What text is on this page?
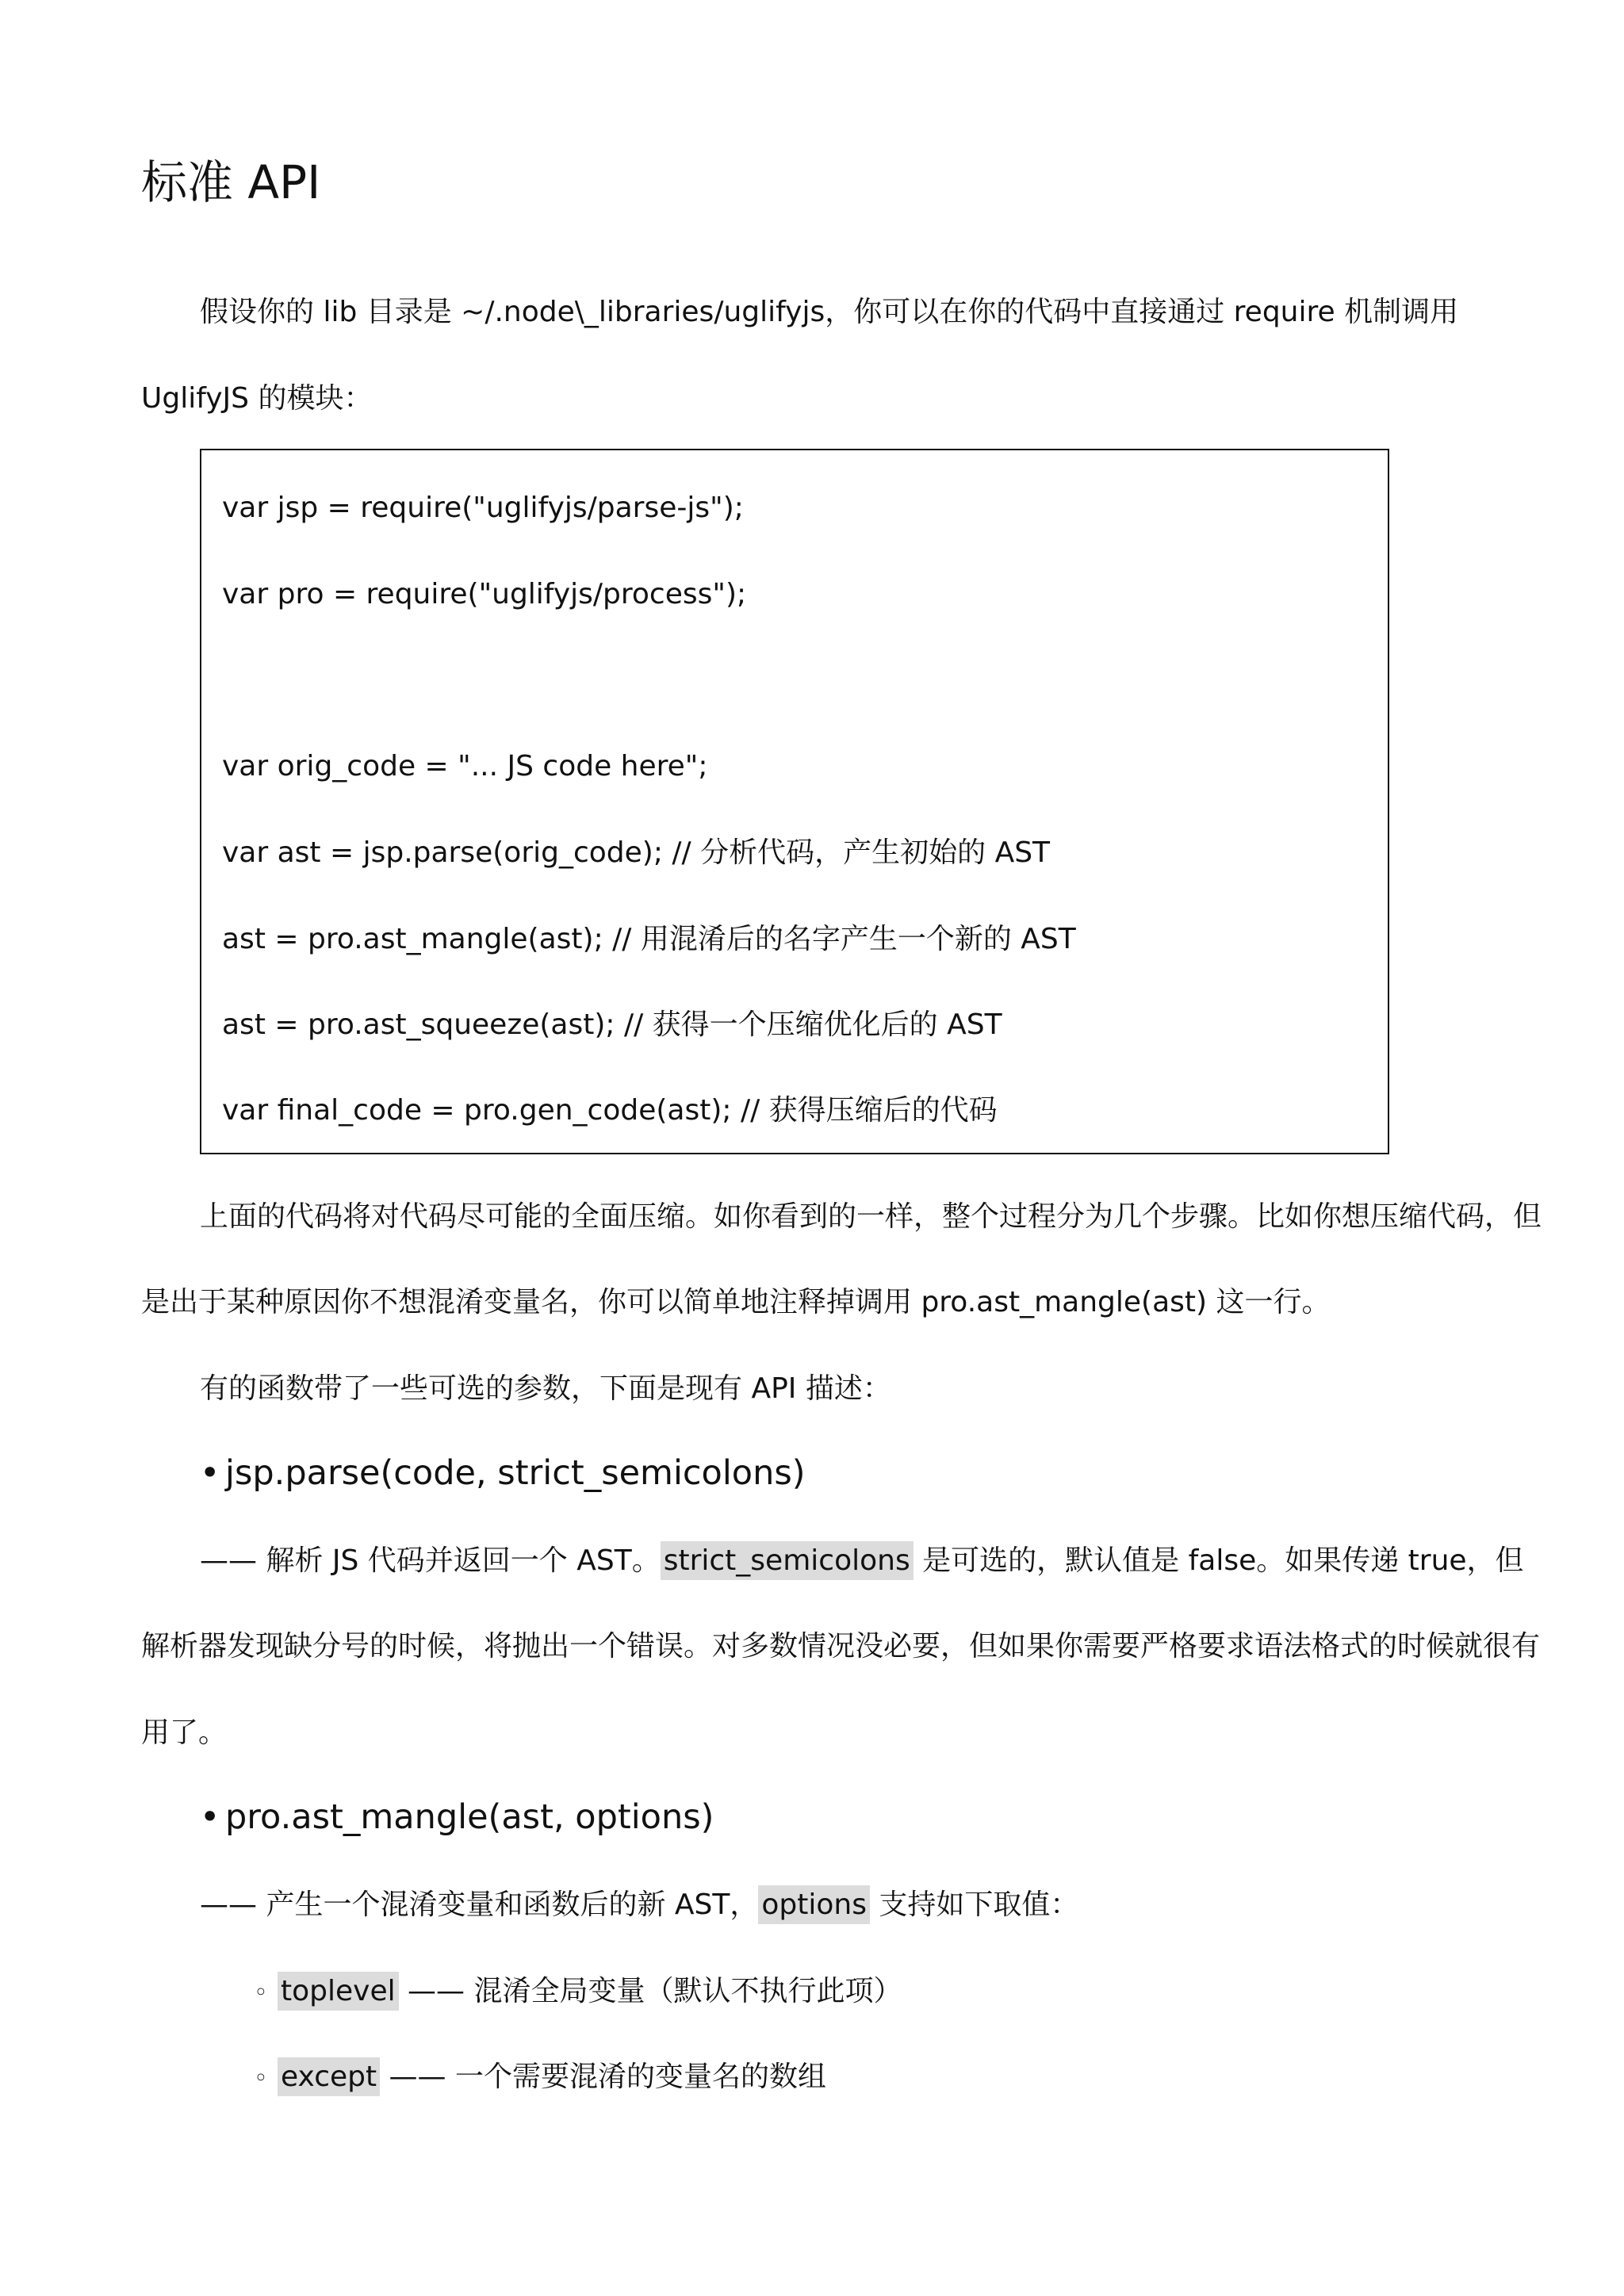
标准 API
假设你的 lib 目录是 ~/.node\_libraries/uglifyjs，你可以在你的代码中直接通过 require 机制调用
UglifyJS 的模块：
var jsp = require("uglifyjs/parse-js");
var pro = require("uglifyjs/process");
var orig_code = "... JS code here";
var ast = jsp.parse(orig_code); // 分析代码，产生初始的 AST
ast = pro.ast_mangle(ast); // 用混淆后的名字产生一个新的 AST
ast = pro.ast_squeeze(ast); // 获得一个压缩优化后的 AST
var final_code = pro.gen_code(ast); // 获得压缩后的代码
上面的代码将对代码尽可能的全面压缩。如你看到的一样，整个过程分为几个步骤。比如你想压缩代码，但
是出于某种原因你不想混淆变量名，你可以简单地注释掉调用 pro.ast_mangle(ast) 这一行。
有的函数带了一些可选的参数，下面是现有 API 描述：
• jsp.parse(code, strict_semicolons)
—— 解析 JS 代码并返回一个 AST。 strict_semicolons 是可选的，默认值是 false。如果传递 true，但
解析器发现缺分号的时候，将抛出一个错误。对多数情况没必要，但如果你需要严格要求语法格式的时候就很有
用了。
• pro.ast_mangle(ast, options)
—— 产生一个混淆变量和函数后的新 AST， options 支持如下取值：
◦ toplevel —— 混淆全局变量（默认不执行此项）
◦ except —— 一个需要混淆的变量名的数组
